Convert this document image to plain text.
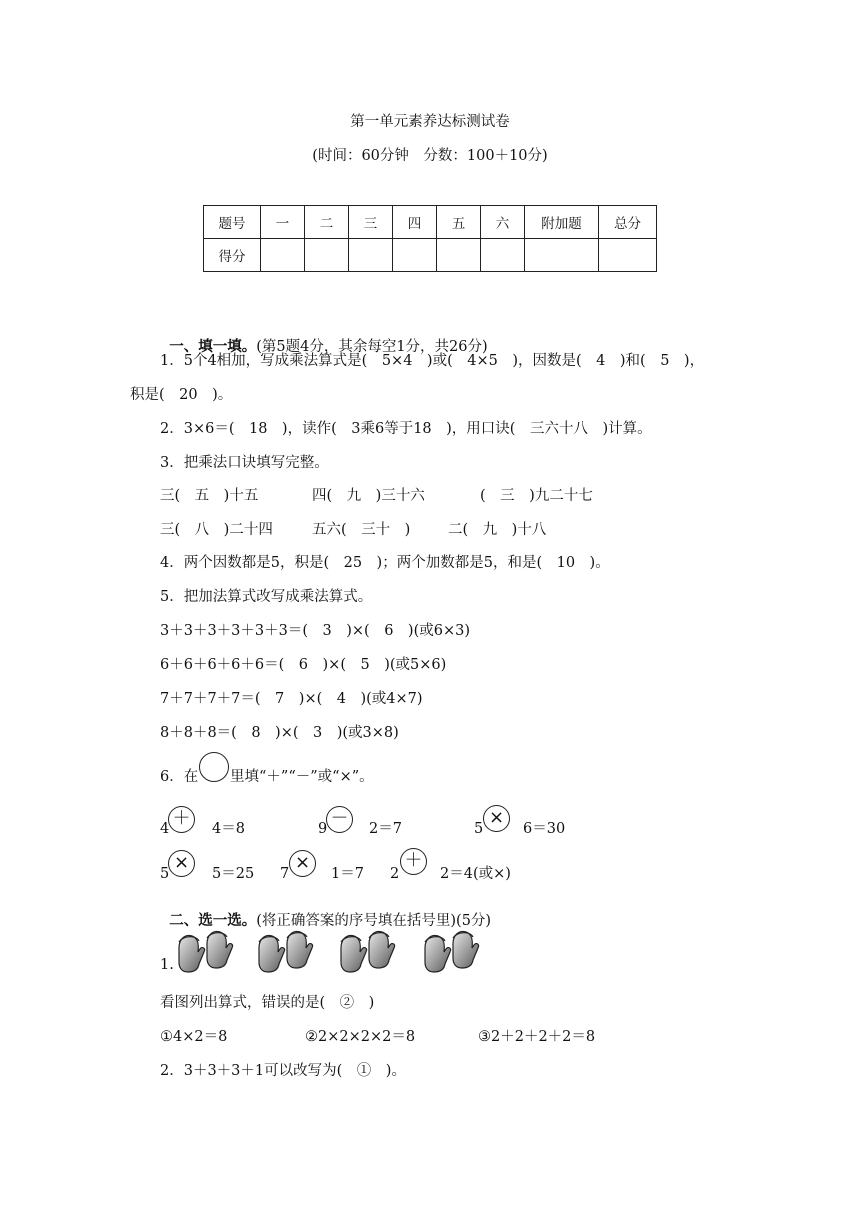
第一单元素养达标测试卷
(时间：60分钟　分数：100＋10分)
题号	一	二	三	四	五	六	附加题	总分
得分								

一、填一填。(第5题4分，其余每空1分，共26分)

1．5个4相加，写成乘法算式是(　5×4　)或(　4×5　)，因数是(　4　)和(　5　)，
积是(　20　)。
2．3×6＝(　18　)，读作(　3乘6等于18　)，用口诀(　三六十八　)计算。
3．把乘法口诀填写完整。
三(　五　)十五	四(　九　)三十六	(　三　)九二十七
三(　八　)二十四	五六(　三十　)	二(　九　)十八
4．两个因数都是5，积是(　25　)；两个加数都是5，和是(　10　)。
5．把加法算式改写成乘法算式。
3＋3＋3＋3＋3＋3＝(　3　)×(　6　)(或6×3)
6＋6＋6＋6＋6＝(　6　)×(　5　)(或5×6)
7＋7＋7＋7＝(　7　)×(　4　)(或4×7)
8＋8＋8＝(　8　)×(　3　)(或3×8)
6．在 里填“＋”“－”或“×”。
4 ＋	4＝8	9 －	2＝7	5
×
6＝30
5
×
5＝25 7
×
1＝7 2
＋
2＝4(或×)

二、选一选。(将正确答案的序号填在括号里)(5分)

1.
看图列出算式，错误的是(　②　)
①4×2＝8	②2×2×2×2＝8	③2＋2＋2＋2＝8
2．3＋3＋3＋1可以改写为(　①　)。
